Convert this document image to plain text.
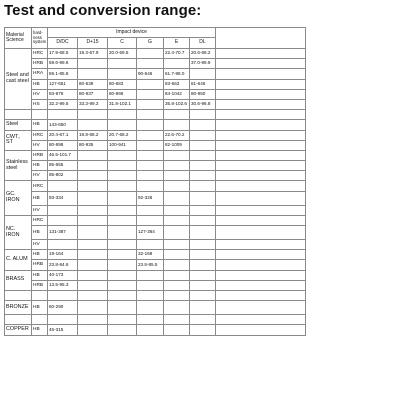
Test and conversion range:
Material Science	hard-ness system	Impact device						
		D/DC	D+15	C	G	E	DL	
Steel and cast steel	HRC	17.9-68.5	19.3-67.9	20.0-69.5		22.4-70.7	20.6-68.2	
	HRB	59.6-99.6					37.0-99.9	
	HRA	59.1-85.8			90-646	61.7-88.0		
	HB	127-651	80-638	80-683		83-663	81-646	
	HV	83-976	80-937	80-996		84-1042	80-950	
	HS	32.2-99.5	33.3-99.3	31.8-102.1		35.8-102.6	30.6-96.8	

Steel	HB	143-650						
CWT。ST	HRC	20.4-67.1	19.8-68.2	20.7-68.2		22.6-70.2		
	HV	80-898	80-935	100-941		82-1009		
Stainless steel	HRB	46.5-101.7						
	HB	85-655						
	HV	85-802						
GC. IRON	HRC							
	HB	93-334			92-326			
	HV							
NC. IRON	HRC							
	HB	131-387			127-364			
	HV							
C. ALUM	HB	19-164			32-168			
	HRB	23.8-84.6			23.8-85.5			
BRASS	HB	40-173						
	HRB	13.5-95.3						

BRONZE	HB	60-290						

COPPER	HB	45-315						
